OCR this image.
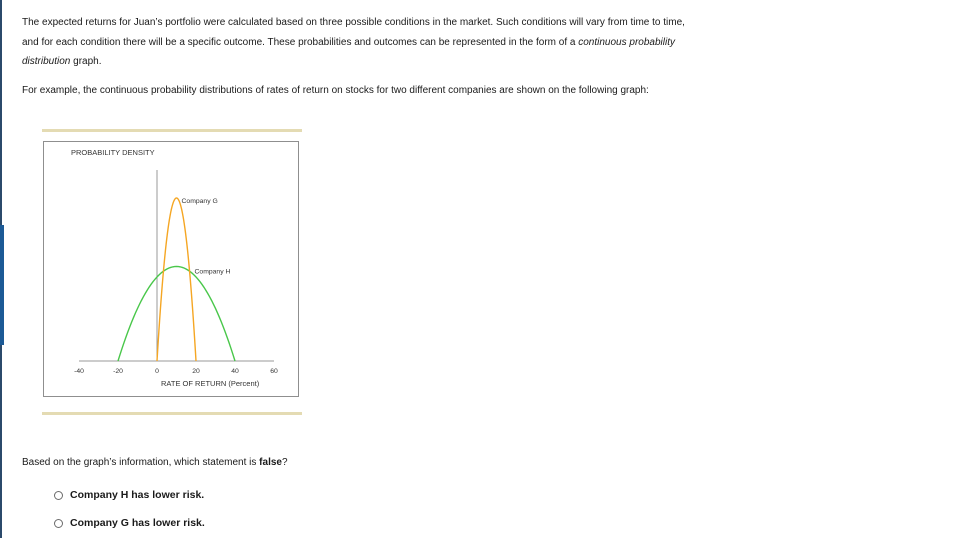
The expected returns for Juan’s portfolio were calculated based on three possible conditions in the market. Such conditions will vary from time to time,
and for each condition there will be a specific outcome. These probabilities and outcomes can be represented in the form of a continuous probability
distribution graph.

For example, the continuous probability distributions of rates of return on stocks for two different companies are shown on the following graph:

PROBABILITY DENSITY
-40	-20	0	20	40	60
Company G
Company H
RATE OF RETURN (Percent)

Based on the graph’s information, which statement is false?

Company H has lower risk.
Company G has lower risk.
